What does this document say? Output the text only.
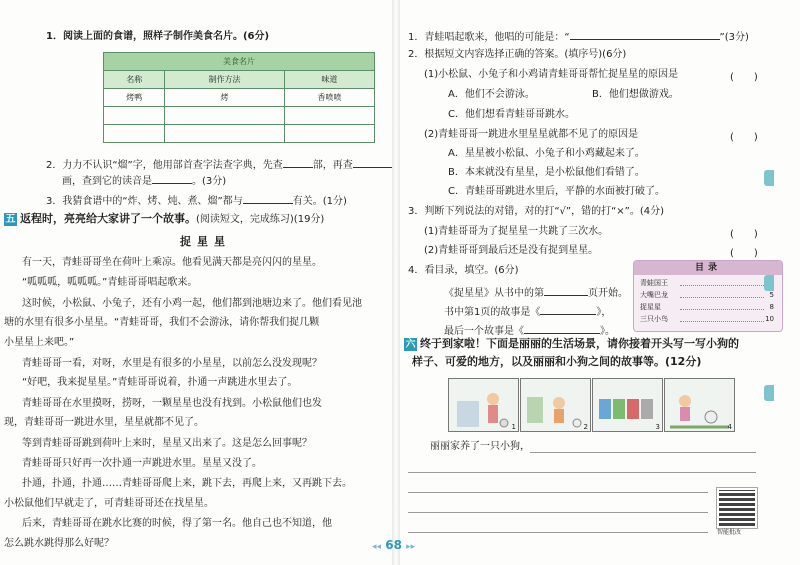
1．阅读上面的食谱，照样子制作美食名片。(6分)
美食名片		
名称	制作方法	味道
烤鸭	烤	香喷喷

2．力力不认识“熘”字，他用部首查字法查字典，先查	部，再查
画，查到它的读音是	。(3分)
3．我猜食谱中的“炸、烤、炖、煮、熘”都与	有关。(1分)
五 返程时，亮亮给大家讲了一个故事。(阅读短文，完成练习)(19分)
捉星星
有一天，青蛙哥哥坐在荷叶上乘凉。他看见满天都是亮闪闪的星星。
“呱呱呱，呱呱呱。”青蛙哥哥唱起歌来。
这时候，小松鼠、小兔子，还有小鸡一起，他们都到池塘边来了。他们看见池
塘的水里有很多小星星。“青蛙哥哥，我们不会游泳，请你帮我们捉几颗
小星星上来吧。”
青蛙哥哥一看，对呀，水里是有很多的小星星，以前怎么没发现呢？
“好吧，我来捉星星。”青蛙哥哥说着，扑通一声跳进水里去了。
青蛙哥哥在水里摸呀，捞呀，一颗星星也没有找到。小松鼠他们也发
现，青蛙哥哥一跳进水里，星星就都不见了。
等到青蛙哥哥跳到荷叶上来时，星星又出来了。这是怎么回事呢？
青蛙哥哥只好再一次扑通一声跳进水里。星星又没了。
扑通，扑通，扑通……青蛙哥哥爬上来，跳下去，再爬上来，又再跳下去。
小松鼠他们早就走了，可青蛙哥哥还在找星星。
后来，青蛙哥哥在跳水比赛的时候，得了第一名。他自己也不知道，他
怎么跳水跳得那么好呢？
1．青蛙唱起歌来，他唱的可能是：“	”(3分)
2．根据短文内容选择正确的答案。(填序号)(6分)
(1)小松鼠、小兔子和小鸡请青蛙哥哥帮忙捉星星的原因是	(　　)
A．他们不会游泳。	B．他们想做游戏。
C．他们想看青蛙哥哥跳水。
(2)青蛙哥哥一跳进水里星星就都不见了的原因是	(　　)
A．星星被小松鼠、小兔子和小鸡藏起来了。
B．本来就没有星星，是小松鼠他们看错了。
C．青蛙哥哥跳进水里后，平静的水面被打破了。
3．判断下列说法的对错，对的打“√”，错的打“×”。(4分)
(1)青蛙哥哥为了捉星星一共跳了三次水。	(　　)
(2)青蛙哥哥到最后还是没有捉到星星。	(　　)
4．看目录，填空。(6分)
《捉星星》从书中的第	页开始。
书中第1页的故事是《	》，
最后一个故事是《	》。
目录
青蛙国王
大嘴巴龙	5
捉星星	8
三只小鸟	10
六 终于到家啦！下面是丽丽的生活场景，请你接着开头写一写小狗的
样子、可爱的地方，以及丽丽和小狗之间的故事等。(12分)
1	2	3	4
丽丽家养了一只小狗，
智能批改
◂◂ 68 ▸▸
